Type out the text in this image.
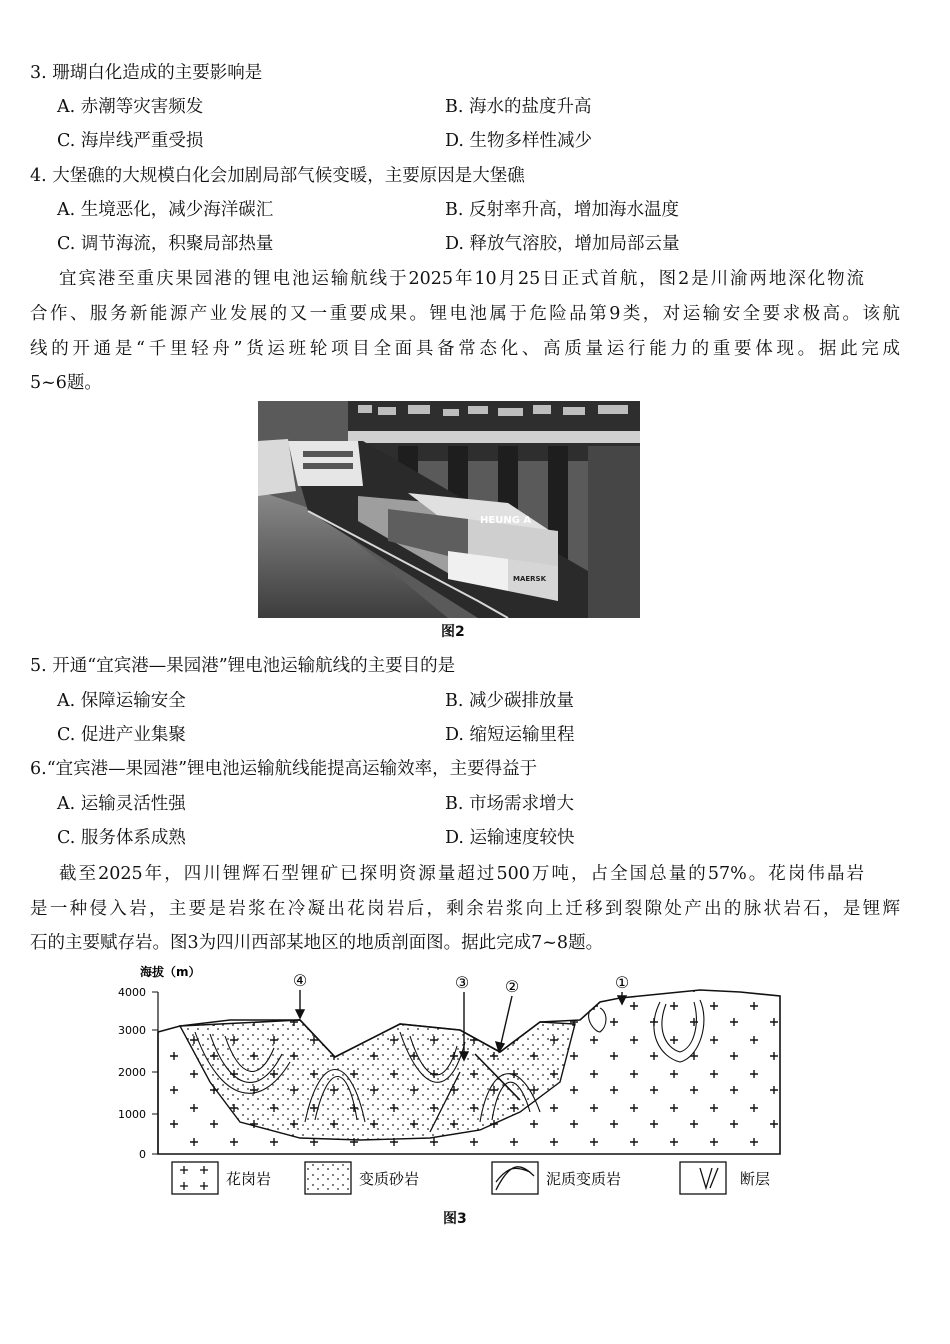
3. 珊瑚白化造成的主要影响是
A. 赤潮等灾害频发	B. 海水的盐度升高
C. 海岸线严重受损	D. 生物多样性减少
4. 大堡礁的大规模白化会加剧局部气候变暖，主要原因是大堡礁
A. 生境恶化，减少海洋碳汇	B. 反射率升高，增加海水温度
C. 调节海流，积聚局部热量	D. 释放气溶胶，增加局部云量
宜宾港至重庆果园港的锂电池运输航线于2025年10月25日正式首航，图2是川渝两地深化物流
合作、服务新能源产业发展的又一重要成果。锂电池属于危险品第9类，对运输安全要求极高。该航
线的开通是“千里轻舟”货运班轮项目全面具备常态化、高质量运行能力的重要体现。据此完成
5~6题。
HEUNG A
MAERSK
图2
5. 开通“宜宾港—果园港”锂电池运输航线的主要目的是
A. 保障运输安全	B. 减少碳排放量
C. 促进产业集聚	D. 缩短运输里程
6.“宜宾港—果园港”锂电池运输航线能提高运输效率，主要得益于
A. 运输灵活性强	B. 市场需求增大
C. 服务体系成熟	D. 运输速度较快
截至2025年，四川锂辉石型锂矿已探明资源量超过500万吨，占全国总量的57%。花岗伟晶岩
是一种侵入岩，主要是岩浆在冷凝出花岗岩后，剩余岩浆向上迁移到裂隙处产出的脉状岩石，是锂辉
石的主要赋存岩。图3为四川西部某地区的地质剖面图。据此完成7~8题。
海拔（m）
4000
3000
2000
1000
0
④	③ ②	①
花岗岩	变质砂岩	泥质变质岩	断层
图3
